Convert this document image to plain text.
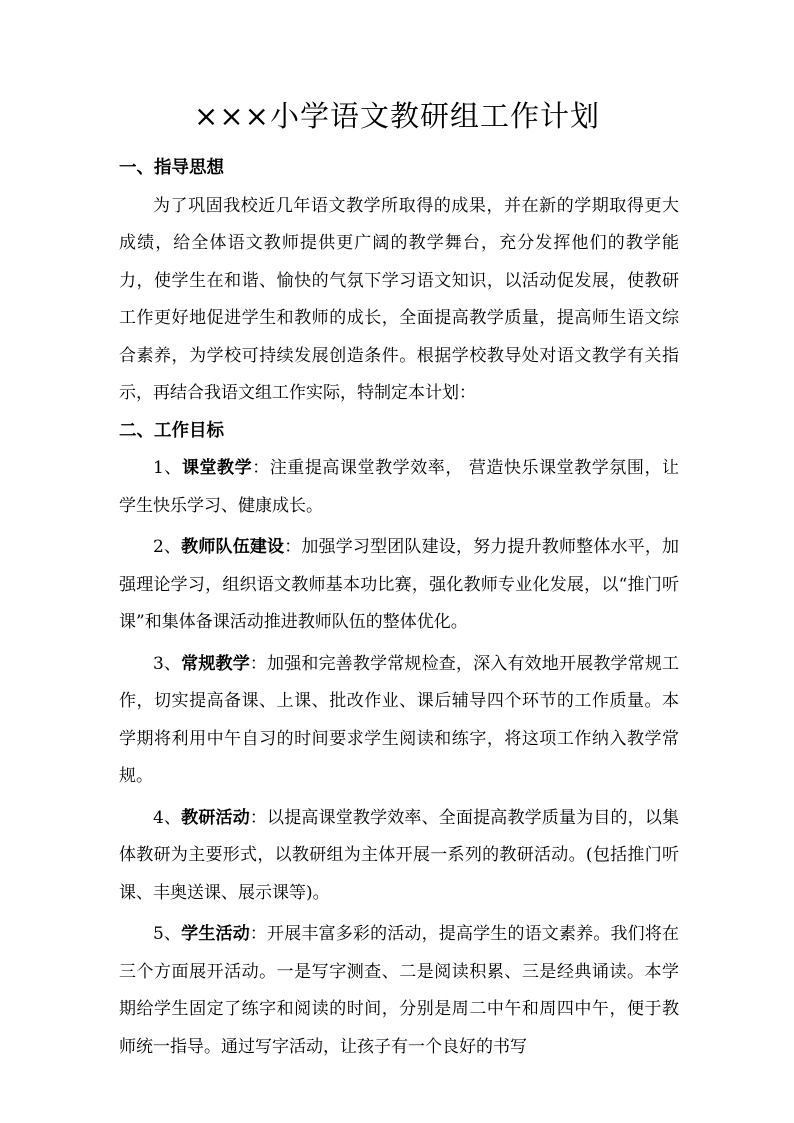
×××小学语文教研组工作计划

一、指导思想

为了巩固我校近几年语文教学所取得的成果，并在新的学期取得更大成绩，给全体语文教师提供更广阔的教学舞台，充分发挥他们的教学能力，使学生在和谐、愉快的气氛下学习语文知识，以活动促发展，使教研工作更好地促进学生和教师的成长，全面提高教学质量，提高师生语文综合素养，为学校可持续发展创造条件。根据学校教导处对语文教学有关指示，再结合我语文组工作实际，特制定本计划：

二、工作目标

1、课堂教学：注重提高课堂教学效率， 营造快乐课堂教学氛围，让学生快乐学习、健康成长。

2、教师队伍建设：加强学习型团队建设，努力提升教师整体水平，加强理论学习，组织语文教师基本功比赛，强化教师专业化发展，以“推门听课”和集体备课活动推进教师队伍的整体优化。

3、常规教学：加强和完善教学常规检查，深入有效地开展教学常规工作，切实提高备课、上课、批改作业、课后辅导四个环节的工作质量。本学期将利用中午自习的时间要求学生阅读和练字，将这项工作纳入教学常规。

4、教研活动：以提高课堂教学效率、全面提高教学质量为目的，以集体教研为主要形式，以教研组为主体开展一系列的教研活动。(包括推门听课、丰奥送课、展示课等)。

5、学生活动：开展丰富多彩的活动，提高学生的语文素养。我们将在三个方面展开活动。一是写字测查、二是阅读积累、三是经典诵读。本学期给学生固定了练字和阅读的时间，分别是周二中午和周四中午，便于教师统一指导。通过写字活动，让孩子有一个良好的书写
